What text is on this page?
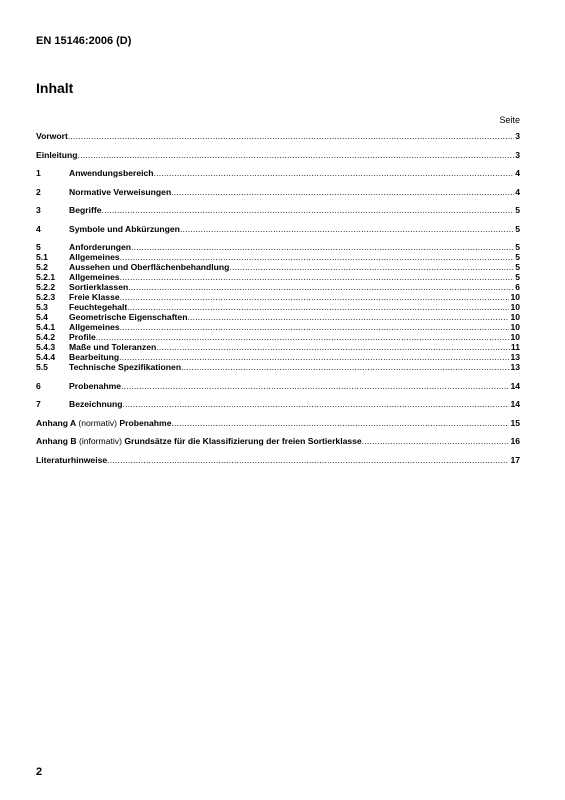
EN 15146:2006 (D)
Inhalt
Seite
Vorwort .....	3
Einleitung .....	3
1	Anwendungsbereich .....	4
2	Normative Verweisungen .....	4
3	Begriffe .....	5
4	Symbole und Abkürzungen .....	5
5	Anforderungen .....	5
5.1	Allgemeines .....	5
5.2	Aussehen und Oberflächenbehandlung .....	5
5.2.1	Allgemeines .....	5
5.2.2	Sortierklassen .....	6
5.2.3	Freie Klasse .....	10
5.3	Feuchtegehalt .....	10
5.4	Geometrische Eigenschaften .....	10
5.4.1	Allgemeines .....	10
5.4.2	Profile .....	10
5.4.3	Maße und Toleranzen .....	11
5.4.4	Bearbeitung .....	13
5.5	Technische Spezifikationen .....	13
6	Probenahme .....	14
7	Bezeichnung .....	14
Anhang A (normativ) Probenahme .....	15
Anhang B (informativ) Grundsätze für die Klassifizierung der freien Sortierklasse .....	16
Literaturhinweise .....	17
2
